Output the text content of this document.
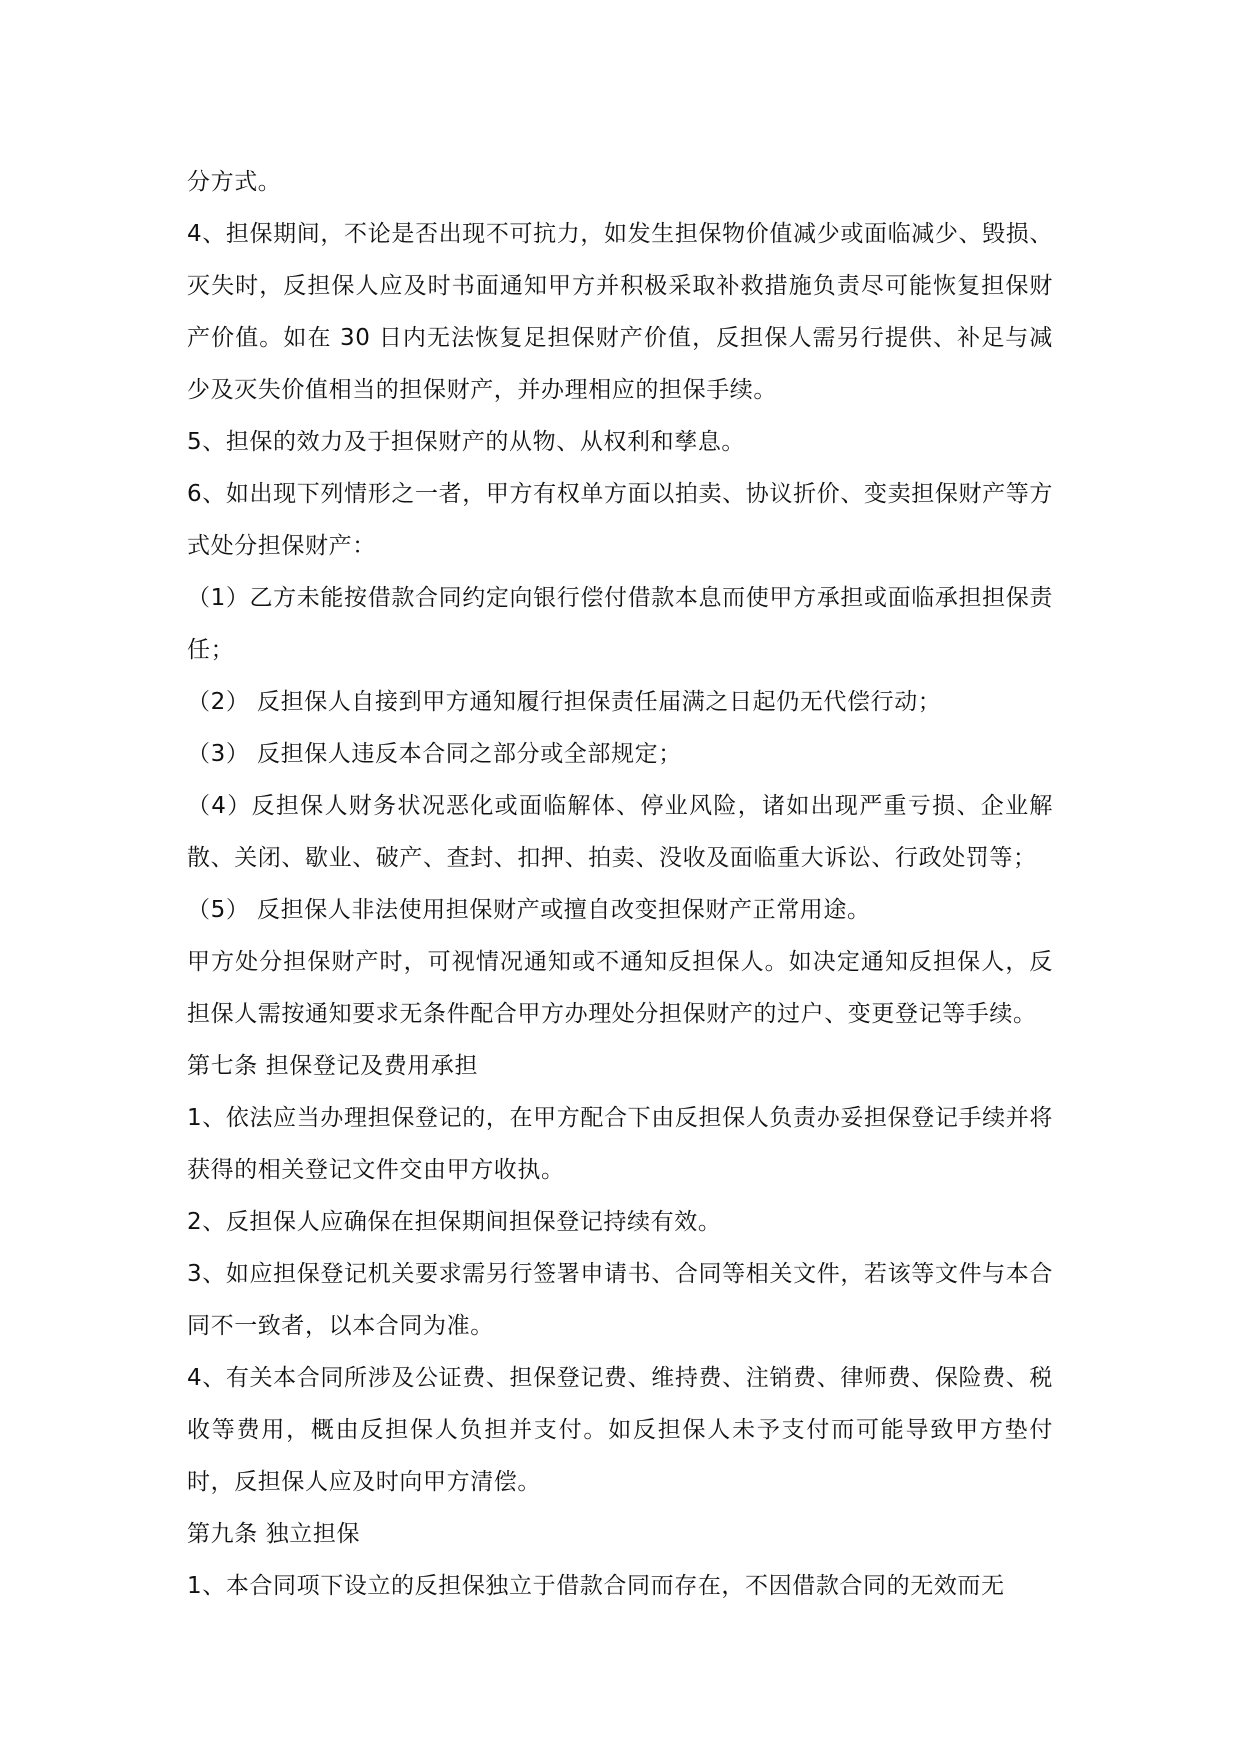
分方式。

4、担保期间，不论是否出现不可抗力，如发生担保物价值减少或面临减少、毁损、灭失时，反担保人应及时书面通知甲方并积极采取补救措施负责尽可能恢复担保财产价值。如在 30 日内无法恢复足担保财产价值，反担保人需另行提供、补足与减少及灭失价值相当的担保财产，并办理相应的担保手续。

5、担保的效力及于担保财产的从物、从权利和孳息。

6、如出现下列情形之一者，甲方有权单方面以拍卖、协议折价、变卖担保财产等方式处分担保财产：

（1）乙方未能按借款合同约定向银行偿付借款本息而使甲方承担或面临承担担保责任；

（2） 反担保人自接到甲方通知履行担保责任届满之日起仍无代偿行动；

（3） 反担保人违反本合同之部分或全部规定；

（4）反担保人财务状况恶化或面临解体、停业风险，诸如出现严重亏损、企业解散、关闭、歇业、破产、查封、扣押、拍卖、没收及面临重大诉讼、行政处罚等；

（5） 反担保人非法使用担保财产或擅自改变担保财产正常用途。

甲方处分担保财产时，可视情况通知或不通知反担保人。如决定通知反担保人，反担保人需按通知要求无条件配合甲方办理处分担保财产的过户、变更登记等手续。

第七条 担保登记及费用承担

1、依法应当办理担保登记的，在甲方配合下由反担保人负责办妥担保登记手续并将获得的相关登记文件交由甲方收执。

2、反担保人应确保在担保期间担保登记持续有效。

3、如应担保登记机关要求需另行签署申请书、合同等相关文件，若该等文件与本合同不一致者，以本合同为准。

4、有关本合同所涉及公证费、担保登记费、维持费、注销费、律师费、保险费、税收等费用，概由反担保人负担并支付。如反担保人未予支付而可能导致甲方垫付时，反担保人应及时向甲方清偿。

第九条 独立担保

1、本合同项下设立的反担保独立于借款合同而存在，不因借款合同的无效而无
